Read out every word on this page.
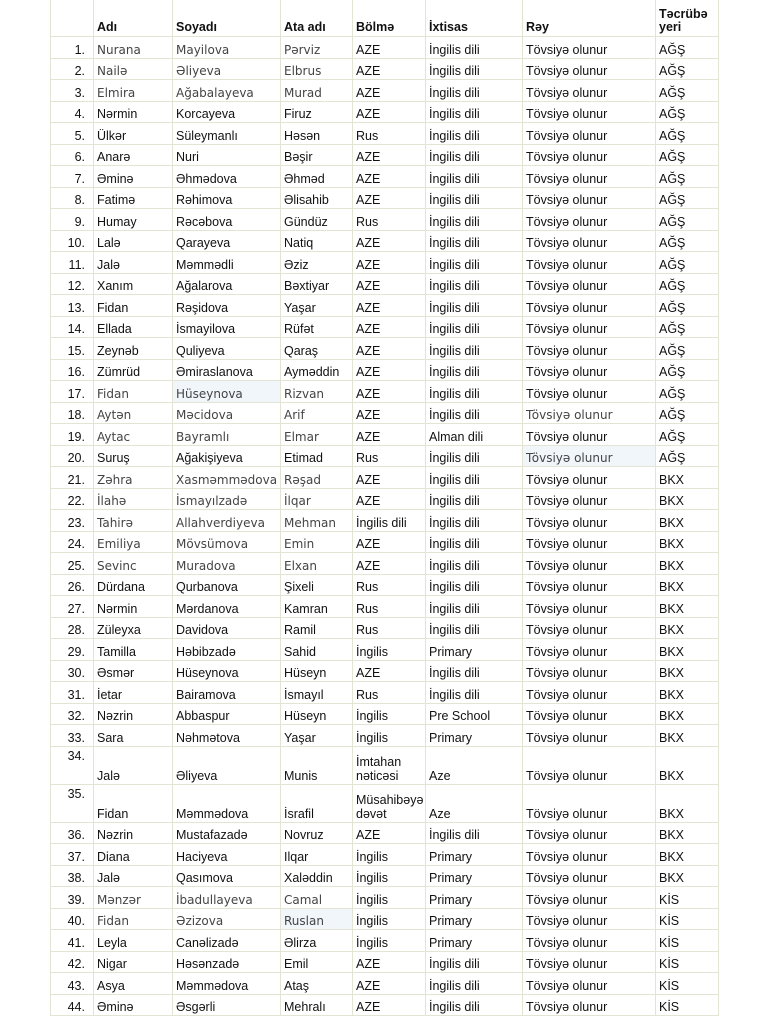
	Adı	Soyadı	Ata adı	Bölmə	İxtisas	Rəy	Təcrübə yeri
1.	Nurana	Mayilova	Pərviz	AZE	İngilis dili	Tövsiyə olunur	AĞŞ
2.	Nailə	Əliyeva	Elbrus	AZE	İngilis dili	Tövsiyə olunur	AĞŞ
3.	Elmira	Ağabalayeva	Murad	AZE	İngilis dili	Tövsiyə olunur	AĞŞ
4.	Nərmin	Korcayeva	Firuz	AZE	İngilis dili	Tövsiyə olunur	AĞŞ
5.	Ülkər	Süleymanlı	Həsən	Rus	İngilis dili	Tövsiyə olunur	AĞŞ
6.	Anarə	Nuri	Bəşir	AZE	İngilis dili	Tövsiyə olunur	AĞŞ
7.	Əminə	Əhmədova	Əhməd	AZE	İngilis dili	Tövsiyə olunur	AĞŞ
8.	Fatimə	Rəhimova	Əlisahib	AZE	İngilis dili	Tövsiyə olunur	AĞŞ
9.	Humay	Rəcəbova	Gündüz	Rus	İngilis dili	Tövsiyə olunur	AĞŞ
10.	Lalə	Qarayeva	Natiq	AZE	İngilis dili	Tövsiyə olunur	AĞŞ
11.	Jalə	Məmmədli	Əziz	AZE	İngilis dili	Tövsiyə olunur	AĞŞ
12.	Xanım	Ağalarova	Bəxtiyar	AZE	İngilis dili	Tövsiyə olunur	AĞŞ
13.	Fidan	Rəşidova	Yaşar	AZE	İngilis dili	Tövsiyə olunur	AĞŞ
14.	Ellada	İsmayilova	Rüfət	AZE	İngilis dili	Tövsiyə olunur	AĞŞ
15.	Zeynəb	Quliyeva	Qaraş	AZE	İngilis dili	Tövsiyə olunur	AĞŞ
16.	Zümrüd	Əmiraslanova	Ayməddin	AZE	İngilis dili	Tövsiyə olunur	AĞŞ
17.	Fidan	Hüseynova	Rizvan	AZE	İngilis dili	Tövsiyə olunur	AĞŞ
18.	Aytən	Məcidova	Arif	AZE	İngilis dili	Tövsiyə olunur	AĞŞ
19.	Aytac	Bayramlı	Elmar	AZE	Alman dili	Tövsiyə olunur	AĞŞ
20.	Suruş	Ağakişiyeva	Etimad	Rus	İngilis dili	Tövsiyə olunur	AĞŞ
21.	Zəhra	Xasməmmədova	Rəşad	AZE	İngilis dili	Tövsiyə olunur	BKX
22.	İlahə	İsmayılzadə	İlqar	AZE	İngilis dili	Tövsiyə olunur	BKX
23.	Tahirə	Allahverdiyeva	Mehman	İngilis dili	İngilis dili	Tövsiyə olunur	BKX
24.	Emiliya	Mövsümova	Emin	AZE	İngilis dili	Tövsiyə olunur	BKX
25.	Sevinc	Muradova	Elxan	AZE	İngilis dili	Tövsiyə olunur	BKX
26.	Dürdana	Qurbanova	Şixeli	Rus	İngilis dili	Tövsiyə olunur	BKX
27.	Nərmin	Mərdanova	Kamran	Rus	İngilis dili	Tövsiyə olunur	BKX
28.	Züleyxa	Davidova	Ramil	Rus	İngilis dili	Tövsiyə olunur	BKX
29.	Tamilla	Həbibzadə	Sahid	İngilis	Primary	Tövsiyə olunur	BKX
30.	Əsmər	Hüseynova	Hüseyn	AZE	İngilis dili	Tövsiyə olunur	BKX
31.	İetar	Bairamova	İsmayıl	Rus	İngilis dili	Tövsiyə olunur	BKX
32.	Nəzrin	Abbaspur	Hüseyn	İngilis	Pre School	Tövsiyə olunur	BKX
33.	Sara	Nəhmətova	Yaşar	İngilis	Primary	Tövsiyə olunur	BKX
34.	Jalə	Əliyeva	Munis	İmtahan nəticəsi	Aze	Tövsiyə olunur	BKX
35.	Fidan	Məmmədova	İsrafil	Müsahibəyə dəvət	Aze	Tövsiyə olunur	BKX
36.	Nəzrin	Mustafazadə	Novruz	AZE	İngilis dili	Tövsiyə olunur	BKX
37.	Diana	Haciyeva	Ilqar	İngilis	Primary	Tövsiyə olunur	BKX
38.	Jalə	Qasımova	Xaləddin	İngilis	Primary	Tövsiyə olunur	BKX
39.	Mənzər	İbadullayeva	Camal	İngilis	Primary	Tövsiyə olunur	KİS
40.	Fidan	Əzizova	Ruslan	İngilis	Primary	Tövsiyə olunur	KİS
41.	Leyla	Canəlizadə	Əlirza	İngilis	Primary	Tövsiyə olunur	KİS
42.	Nigar	Həsənzadə	Emil	AZE	İngilis dili	Tövsiyə olunur	KİS
43.	Asya	Məmmədova	Ataş	AZE	İngilis dili	Tövsiyə olunur	KİS
44.	Əminə	Əsgərli	Mehralı	AZE	İngilis dili	Tövsiyə olunur	KİS
